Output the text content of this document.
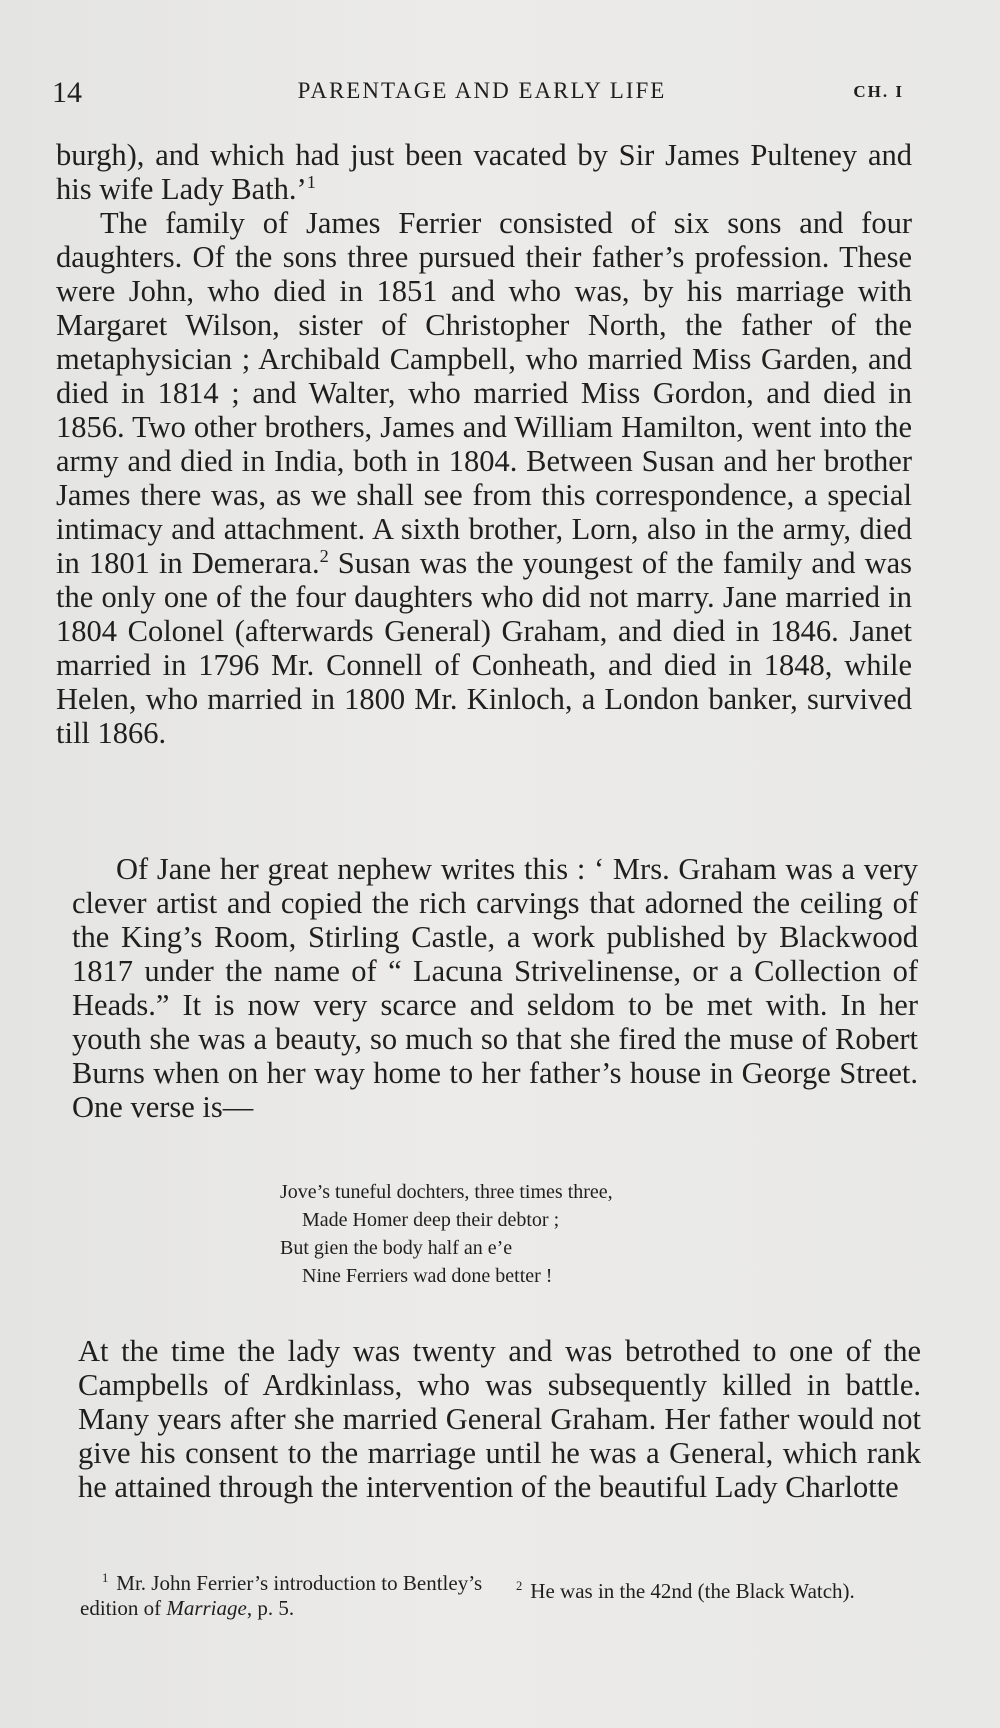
14	PARENTAGE AND EARLY LIFE	CH. I

burgh), and which had just been vacated by Sir James Pulteney and his wife Lady Bath.’$^1$

The family of James Ferrier consisted of six sons and four daughters. Of the sons three pursued their father’s profession. These were John, who died in 1851 and who was, by his marriage with Margaret Wilson, sister of Christopher North, the father of the metaphysician ; Archibald Campbell, who married Miss Garden, and died in 1814 ; and Walter, who married Miss Gordon, and died in 1856. Two other brothers, James and William Hamilton, went into the army and died in India, both in 1804. Between Susan and her brother James there was, as we shall see from this correspondence, a special intimacy and attachment. A sixth brother, Lorn, also in the army, died in 1801 in Demerara.$^2$ Susan was the youngest of the family and was the only one of the four daughters who did not marry. Jane married in 1804 Colonel (afterwards General) Graham, and died in 1846. Janet married in 1796 Mr. Connell of Conheath, and died in 1848, while Helen, who married in 1800 Mr. Kinloch, a London banker, survived till 1866.

Of Jane her great nephew writes this : ‘ Mrs. Graham was a very clever artist and copied the rich carvings that adorned the ceiling of the King’s Room, Stirling Castle, a work published by Blackwood 1817 under the name of “ Lacuna Strivelinense, or a Collection of Heads.” It is now very scarce and seldom to be met with. In her youth she was a beauty, so much so that she fired the muse of Robert Burns when on her way home to her father’s house in George Street. One verse is—

Jove’s tuneful dochters, three times three,
Made Homer deep their debtor ;
But gien the body half an e’e
Nine Ferriers wad done better !

At the time the lady was twenty and was betrothed to one of the Campbells of Ardkinlass, who was subsequently killed in battle. Many years after she married General Graham. Her father would not give his consent to the marriage until he was a General, which rank he attained through the intervention of the beautiful Lady Charlotte

$^1$ Mr. John Ferrier’s introduction to Bentley’s edition of Marriage, p. 5.
$^2$ He was in the 42nd (the Black Watch).
